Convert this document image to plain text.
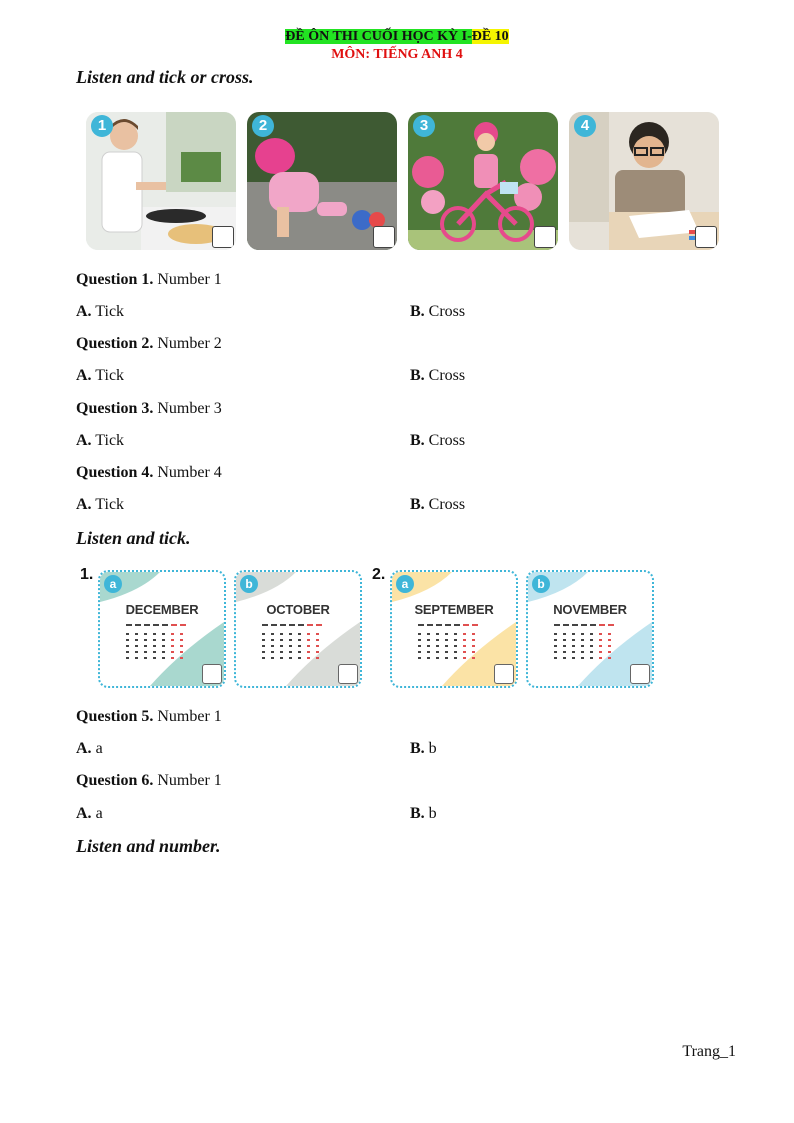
ĐỀ ÔN THI CUỐI HỌC KỲ I-ĐỀ 10
MÔN: TIẾNG ANH 4
Listen and tick or cross.
1	2	3	4
Question 1. Number 1
A. Tick	B. Cross
Question 2. Number 2
A. Tick	B. Cross
Question 3. Number 3
A. Tick	B. Cross
Question 4. Number 4
A. Tick	B. Cross
Listen and tick.
1.
a
DECEMBER
b
OCTOBER
2.
a
SEPTEMBER
b
NOVEMBER
Question 5. Number 1
A. a	B. b
Question 6. Number 1
A. a	B. b
Listen and number.
Trang_1
